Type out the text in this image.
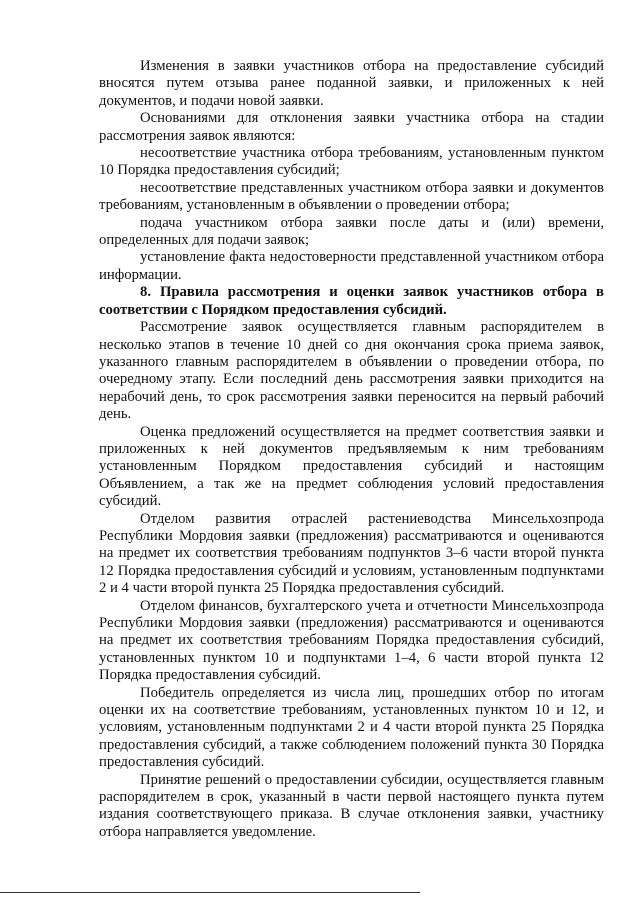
Изменения в заявки участников отбора на предоставление субсидий вносятся путем отзыва ранее поданной заявки, и приложенных к ней документов, и подачи новой заявки.

Основаниями для отклонения заявки участника отбора на стадии рассмотрения заявок являются:

несоответствие участника отбора требованиям, установленным пунктом 10 Порядка предоставления субсидий;

несоответствие представленных участником отбора заявки и документов требованиям, установленным в объявлении о проведении отбора;

подача участником отбора заявки после даты и (или) времени, определенных для подачи заявок;

установление факта недостоверности представленной участником отбора информации.

8. Правила рассмотрения и оценки заявок участников отбора в соответствии с Порядком предоставления субсидий.

Рассмотрение заявок осуществляется главным распорядителем в несколько этапов в течение 10 дней со дня окончания срока приема заявок, указанного главным распорядителем в объявлении о проведении отбора, по очередному этапу. Если последний день рассмотрения заявки приходится на нерабочий день, то срок рассмотрения заявки переносится на первый рабочий день.

Оценка предложений осуществляется на предмет соответствия заявки и приложенных к ней документов предъявляемым к ним требованиям установленным Порядком предоставления субсидий и настоящим Объявлением, а так же на предмет соблюдения условий предоставления субсидий.

Отделом развития отраслей растениеводства Минсельхозпрода Республики Мордовия заявки (предложения) рассматриваются и оцениваются на предмет их соответствия требованиям подпунктов 3–6 части второй пункта 12 Порядка предоставления субсидий и условиям, установленным подпунктами 2 и 4 части второй пункта 25 Порядка предоставления субсидий.

Отделом финансов, бухгалтерского учета и отчетности Минсельхозпрода Республики Мордовия заявки (предложения) рассматриваются и оцениваются на предмет их соответствия требованиям Порядка предоставления субсидий, установленных пунктом 10 и подпунктами 1–4, 6 части второй пункта 12 Порядка предоставления субсидий.

Победитель определяется из числа лиц, прошедших отбор по итогам оценки их на соответствие требованиям, установленных пунктом 10 и 12, и условиям, установленным подпунктами 2 и 4 части второй пункта 25 Порядка предоставления субсидий, а также соблюдением положений пункта 30 Порядка предоставления субсидий.

Принятие решений о предоставлении субсидии, осуществляется главным распорядителем в срок, указанный в части первой настоящего пункта путем издания соответствующего приказа. В случае отклонения заявки, участнику отбора направляется уведомление.
